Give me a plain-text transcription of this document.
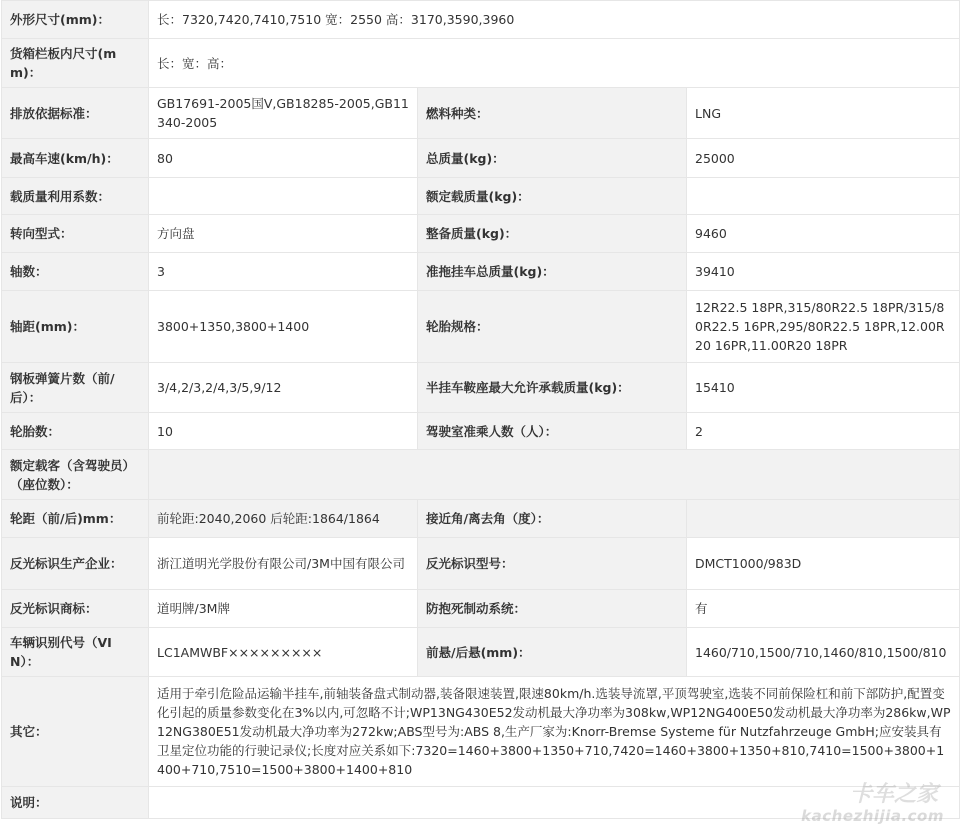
外形尺寸(mm)：	长：7320,7420,7410,7510 宽：2550 高：3170,3590,3960		
货箱栏板内尺寸(mm)：	长：宽：高：		
排放依据标准：	GB17691-2005国Ⅴ,GB18285-2005,GB11340-2005	燃料种类：	LNG
最高车速(km/h)：	80	总质量(kg)：	25000
载质量利用系数：		额定载质量(kg)：	
转向型式：	方向盘	整备质量(kg)：	9460
轴数：	3	准拖挂车总质量(kg)：	39410
轴距(mm)：	3800+1350,3800+1400	轮胎规格：	12R22.5 18PR,315/80R22.5 18PR/315/80R22.5 16PR,295/80R22.5 18PR,12.00R20 16PR,11.00R20 18PR
钢板弹簧片数（前/后）：	3/4,2/3,2/4,3/5,9/12	半挂车鞍座最大允许承载质量(kg)：	15410
轮胎数：	10	驾驶室准乘人数（人）：	2
额定载客（含驾驶员）（座位数）：			
轮距（前/后)mm：	前轮距:2040,2060 后轮距:1864/1864	接近角/离去角（度）：	
反光标识生产企业：	浙江道明光学股份有限公司/3M中国有限公司	反光标识型号：	DMCT1000/983D
反光标识商标：	道明牌/3M牌	防抱死制动系统：	有
车辆识别代号（VIN）：	LC1AMWBF×××××××××	前悬/后悬(mm)：	1460/710,1500/710,1460/810,1500/810
其它：	适用于牵引危险品运输半挂车,前轴装备盘式制动器,装备限速装置,限速80km/h.选装导流罩,平顶驾驶室,选装不同前保险杠和前下部防护,配置变化引起的质量参数变化在3%以内,可忽略不计;WP13NG430E52发动机最大净功率为308kw,WP12NG400E50发动机最大净功率为286kw,WP12NG380E51发动机最大净功率为272kw;ABS型号为:ABS 8,生产厂家为:Knorr-Bremse Systeme für Nutzfahrzeuge GmbH;应安装具有卫星定位功能的行驶记录仪;长度对应关系如下:7320=1460+3800+1350+710,7420=1460+3800+1350+810,7410=1500+3800+1400+710,7510=1500+3800+1400+810		
说明：				卡车之家
kachezhijia.com
